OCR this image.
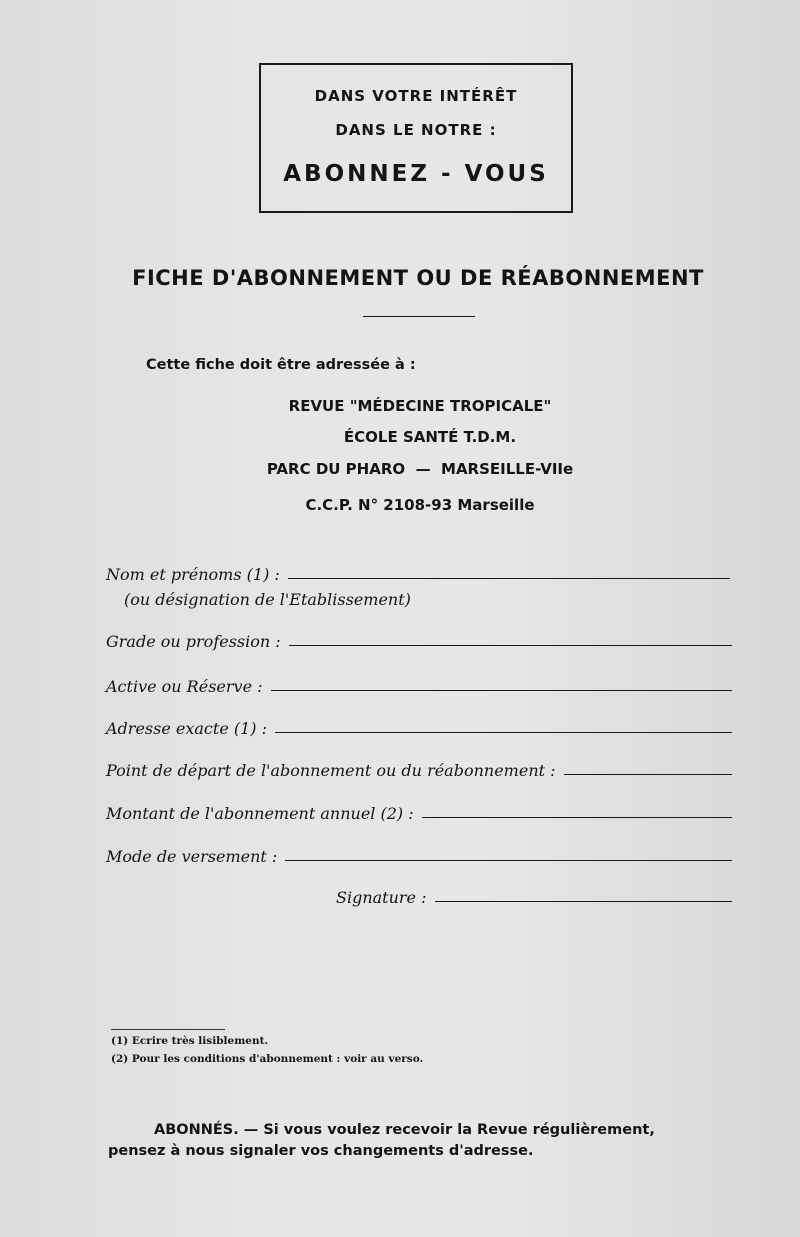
DANS VOTRE INTÉRÊT
DANS LE NOTRE :
ABONNEZ - VOUS
FICHE D'ABONNEMENT OU DE RÉABONNEMENT
Cette fiche doit être adressée à :
REVUE "MÉDECINE TROPICALE"
ÉCOLE SANTÉ T.D.M.
PARC DU PHARO  —  MARSEILLE-VIIe
C.C.P. N° 2108-93 Marseille
Nom et prénoms (1) :
(ou désignation de l'Etablissement)
Grade ou profession :
Active ou Réserve :
Adresse exacte (1) :
Point de départ de l'abonnement ou du réabonnement :
Montant de l'abonnement annuel (2) :
Mode de versement :
Signature :
(1) Ecrire très lisiblement.
(2) Pour les conditions d'abonnement : voir au verso.
ABONNÉS. — Si vous voulez recevoir la Revue régulièrement,
pensez à nous signaler vos changements d'adresse.
